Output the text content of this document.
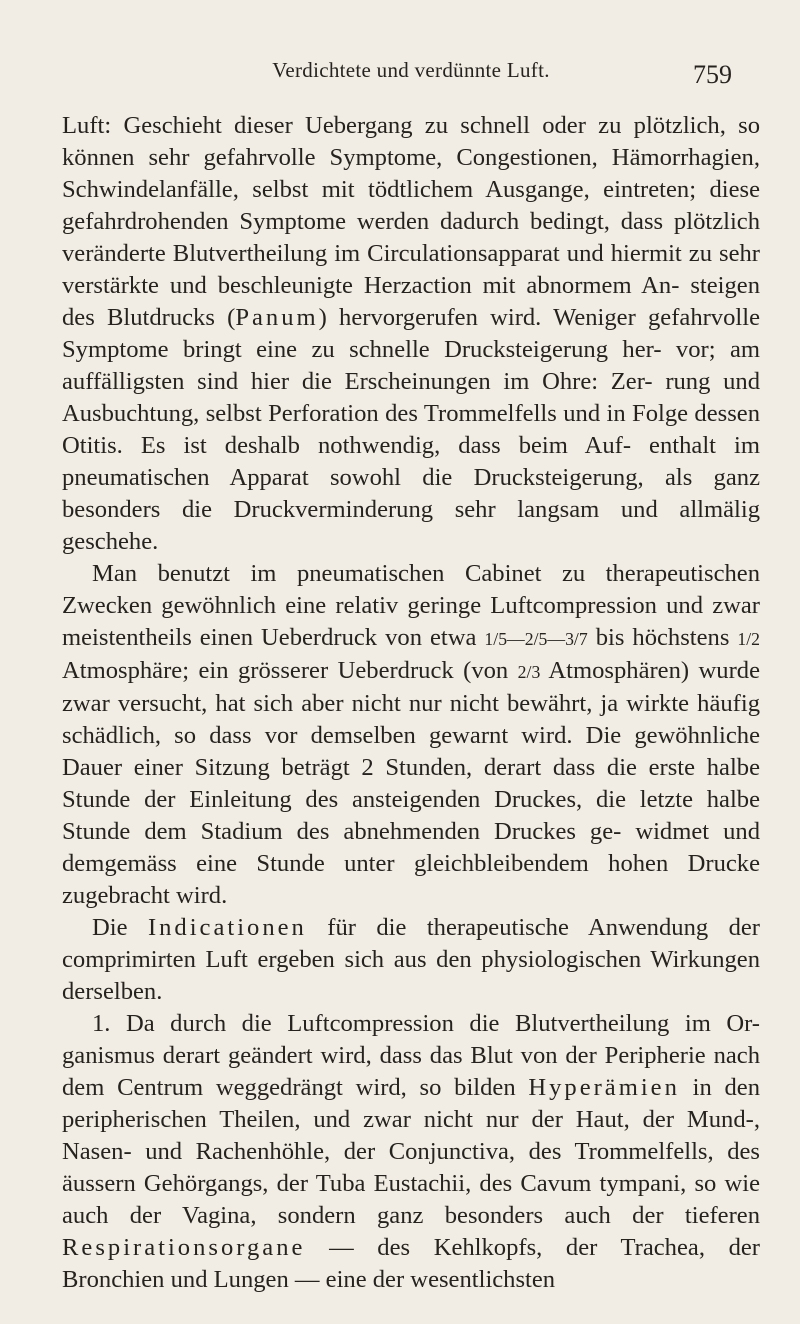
Verdichtete und verdünnte Luft.	759

Luft: Geschieht dieser Uebergang zu schnell oder zu plötzlich, so können sehr gefahrvolle Symptome, Congestionen, Hämorrhagien, Schwindelanfälle, selbst mit tödtlichem Ausgange, eintreten; diese gefahrdrohenden Symptome werden dadurch bedingt, dass plötzlich veränderte Blutvertheilung im Circulationsapparat und hiermit zu sehr verstärkte und beschleunigte Herzaction mit abnormem An- steigen des Blutdrucks (Panum) hervorgerufen wird. Weniger gefahrvolle Symptome bringt eine zu schnelle Drucksteigerung her- vor; am auffälligsten sind hier die Erscheinungen im Ohre: Zer- rung und Ausbuchtung, selbst Perforation des Trommelfells und in Folge dessen Otitis. Es ist deshalb nothwendig, dass beim Auf- enthalt im pneumatischen Apparat sowohl die Drucksteigerung, als ganz besonders die Druckverminderung sehr langsam und allmälig geschehe.

Man benutzt im pneumatischen Cabinet zu therapeutischen Zwecken gewöhnlich eine relativ geringe Luftcompression und zwar meistentheils einen Ueberdruck von etwa 1/5—2/5—3/7 bis höchstens 1/2 Atmosphäre; ein grösserer Ueberdruck (von 2/3 Atmosphären) wurde zwar versucht, hat sich aber nicht nur nicht bewährt, ja wirkte häufig schädlich, so dass vor demselben gewarnt wird. Die gewöhnliche Dauer einer Sitzung beträgt 2 Stunden, derart dass die erste halbe Stunde der Einleitung des ansteigenden Druckes, die letzte halbe Stunde dem Stadium des abnehmenden Druckes ge- widmet und demgemäss eine Stunde unter gleichbleibendem hohen Drucke zugebracht wird.

Die Indicationen für die therapeutische Anwendung der comprimirten Luft ergeben sich aus den physiologischen Wirkungen derselben.

1. Da durch die Luftcompression die Blutvertheilung im Or- ganismus derart geändert wird, dass das Blut von der Peripherie nach dem Centrum weggedrängt wird, so bilden Hyperämien in den peripherischen Theilen, und zwar nicht nur der Haut, der Mund-, Nasen- und Rachenhöhle, der Conjunctiva, des Trommelfells, des äussern Gehörgangs, der Tuba Eustachii, des Cavum tympani, so wie auch der Vagina, sondern ganz besonders auch der tieferen Respirationsorgane — des Kehlkopfs, der Trachea, der Bronchien und Lungen — eine der wesentlichsten
